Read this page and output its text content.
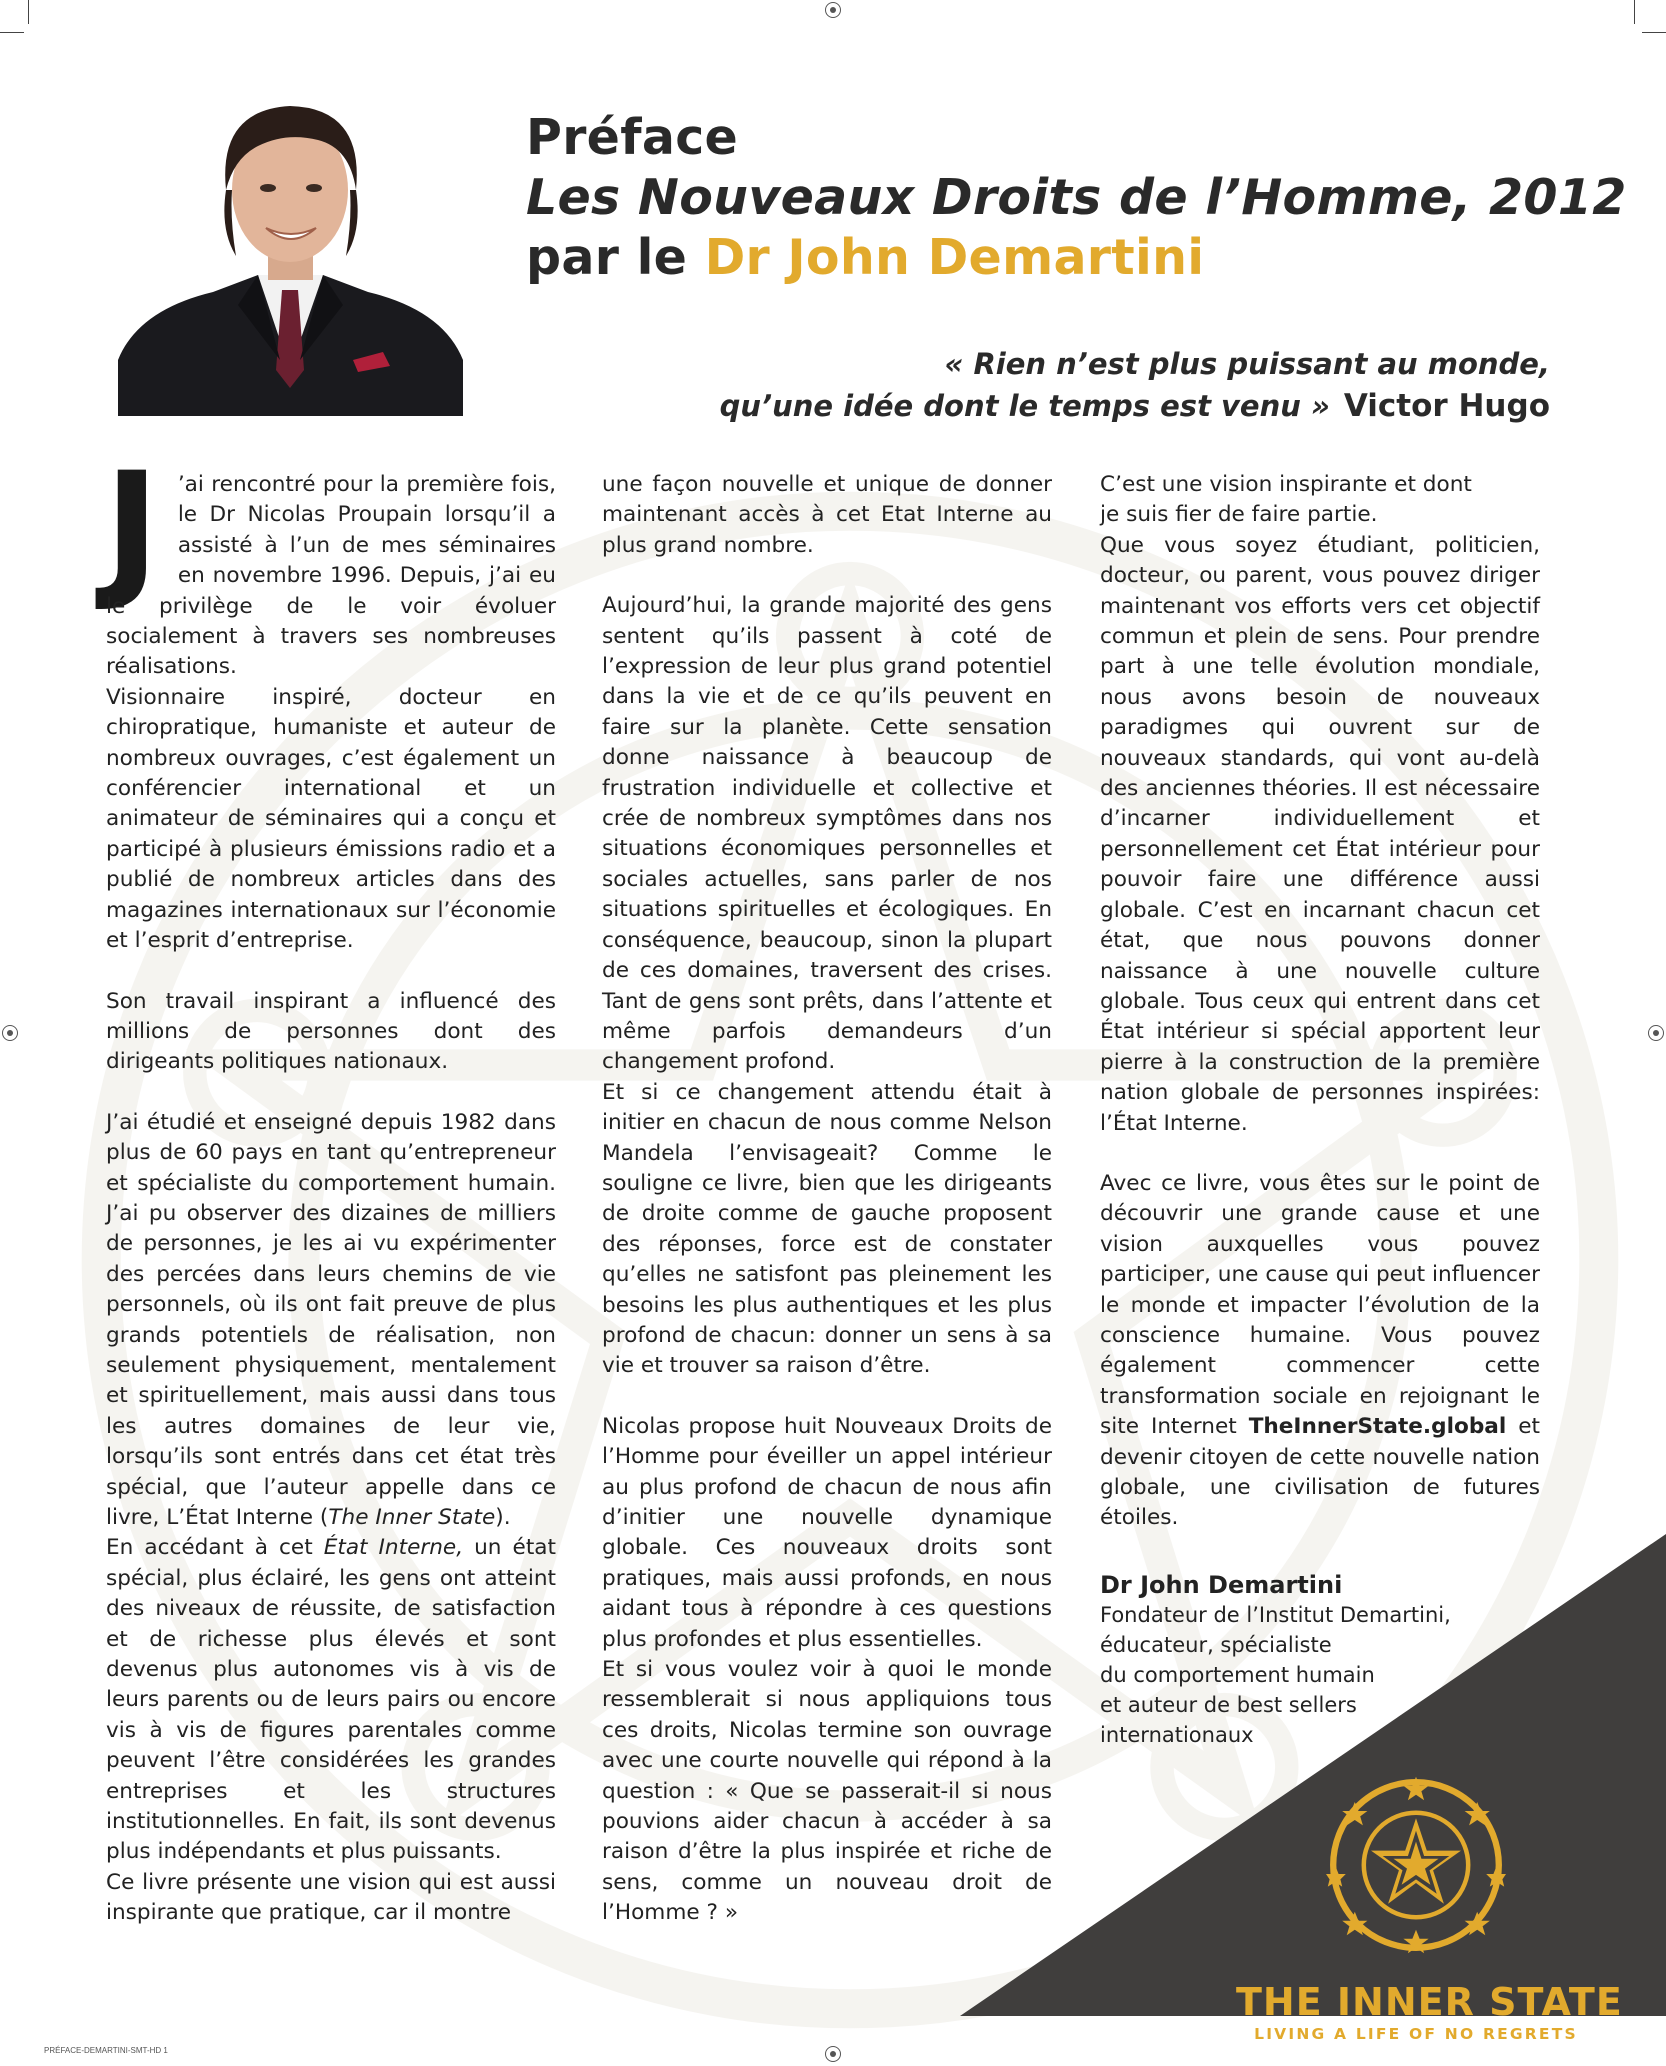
Préface
Les Nouveaux Droits de l’Homme, 2012
par le Dr John Demartini
« Rien n’est plus puissant au monde,
qu’une idée dont le temps est venu » Victor Hugo

J ’ai rencontré pour la première fois, le Dr Nicolas Proupain lorsqu’il a assisté à l’un de mes séminaires en novembre 1996. Depuis, j’ai eu le privilège de le voir évoluer socialement à travers ses nombreuses réalisations.

Visionnaire inspiré, docteur en chiropratique, humaniste et auteur de nombreux ouvrages, c’est également un conférencier international et un animateur de séminaires qui a conçu et participé à plusieurs émissions radio et a publié de nombreux articles dans des magazines internationaux sur l’économie et l’esprit d’entreprise.

Son travail inspirant a influencé des millions de personnes dont des dirigeants politiques nationaux.

J’ai étudié et enseigné depuis 1982 dans plus de 60 pays en tant qu’entrepreneur et spécialiste du comportement humain. J’ai pu observer des dizaines de milliers de personnes, je les ai vu expérimenter des percées dans leurs chemins de vie personnels, où ils ont fait preuve de plus grands potentiels de réalisation, non seulement physiquement, mentalement et spirituellement, mais aussi dans tous les autres domaines de leur vie, lorsqu’ils sont entrés dans cet état très spécial, que l’auteur appelle dans ce livre, L’État Interne (The Inner State).

En accédant à cet État Interne, un état spécial, plus éclairé, les gens ont atteint des niveaux de réussite, de satisfaction et de richesse plus élevés et sont devenus plus autonomes vis à vis de leurs parents ou de leurs pairs ou encore vis à vis de figures parentales comme peuvent l’être considérées les grandes entreprises et les structures institutionnelles. En fait, ils sont devenus plus indépendants et plus puissants.

Ce livre présente une vision qui est aussi inspirante que pratique, car il montre

une façon nouvelle et unique de donner maintenant accès à cet Etat Interne au plus grand nombre.

Aujourd’hui, la grande majorité des gens sentent qu’ils passent à coté de l’expression de leur plus grand potentiel dans la vie et de ce qu’ils peuvent en faire sur la planète. Cette sensation donne naissance à beaucoup de frustration individuelle et collective et crée de nombreux symptômes dans nos situations économiques personnelles et sociales actuelles, sans parler de nos situations spirituelles et écologiques. En conséquence, beaucoup, sinon la plupart de ces domaines, traversent des crises. Tant de gens sont prêts, dans l’attente et même parfois demandeurs d’un changement profond.

Et si ce changement attendu était à initier en chacun de nous comme Nelson Mandela l’envisageait? Comme le souligne ce livre, bien que les dirigeants de droite comme de gauche proposent des réponses, force est de constater qu’elles ne satisfont pas pleinement les besoins les plus authentiques et les plus profond de chacun: donner un sens à sa vie et trouver sa raison d’être.

Nicolas propose huit Nouveaux Droits de l’Homme pour éveiller un appel intérieur au plus profond de chacun de nous afin d’initier une nouvelle dynamique globale. Ces nouveaux droits sont pratiques, mais aussi profonds, en nous aidant tous à répondre à ces questions plus profondes et plus essentielles.

Et si vous voulez voir à quoi le monde ressemblerait si nous appliquions tous ces droits, Nicolas termine son ouvrage avec une courte nouvelle qui répond à la question : « Que se passerait-il si nous pouvions aider chacun à accéder à sa raison d’être la plus inspirée et riche de sens, comme un nouveau droit de l’Homme ? »

C’est une vision inspirante et dont
je suis fier de faire partie.

Que vous soyez étudiant, politicien, docteur, ou parent, vous pouvez diriger maintenant vos efforts vers cet objectif commun et plein de sens. Pour prendre part à une telle évolution mondiale, nous avons besoin de nouveaux paradigmes qui ouvrent sur de nouveaux standards, qui vont au-delà des anciennes théories. Il est nécessaire d’incarner individuellement et personnellement cet État intérieur pour pouvoir faire une différence aussi globale. C’est en incarnant chacun cet état, que nous pouvons donner naissance à une nouvelle culture globale. Tous ceux qui entrent dans cet État intérieur si spécial apportent leur pierre à la construction de la première nation globale de personnes inspirées: l’État Interne.

Avec ce livre, vous êtes sur le point de découvrir une grande cause et une vision auxquelles vous pouvez participer, une cause qui peut influencer le monde et impacter l’évolution de la conscience humaine. Vous pouvez également commencer cette transformation sociale en rejoignant le site Internet TheInnerState.global et devenir citoyen de cette nouvelle nation globale, une civilisation de futures étoiles.

Dr John Demartini
Fondateur de l’Institut Demartini,
éducateur, spécialiste
du comportement humain
et auteur de best sellers
internationaux
THE INNER STATE
LIVING A LIFE OF NO REGRETS
PRÉFACE-DEMARTINI-SMT-HD 1
